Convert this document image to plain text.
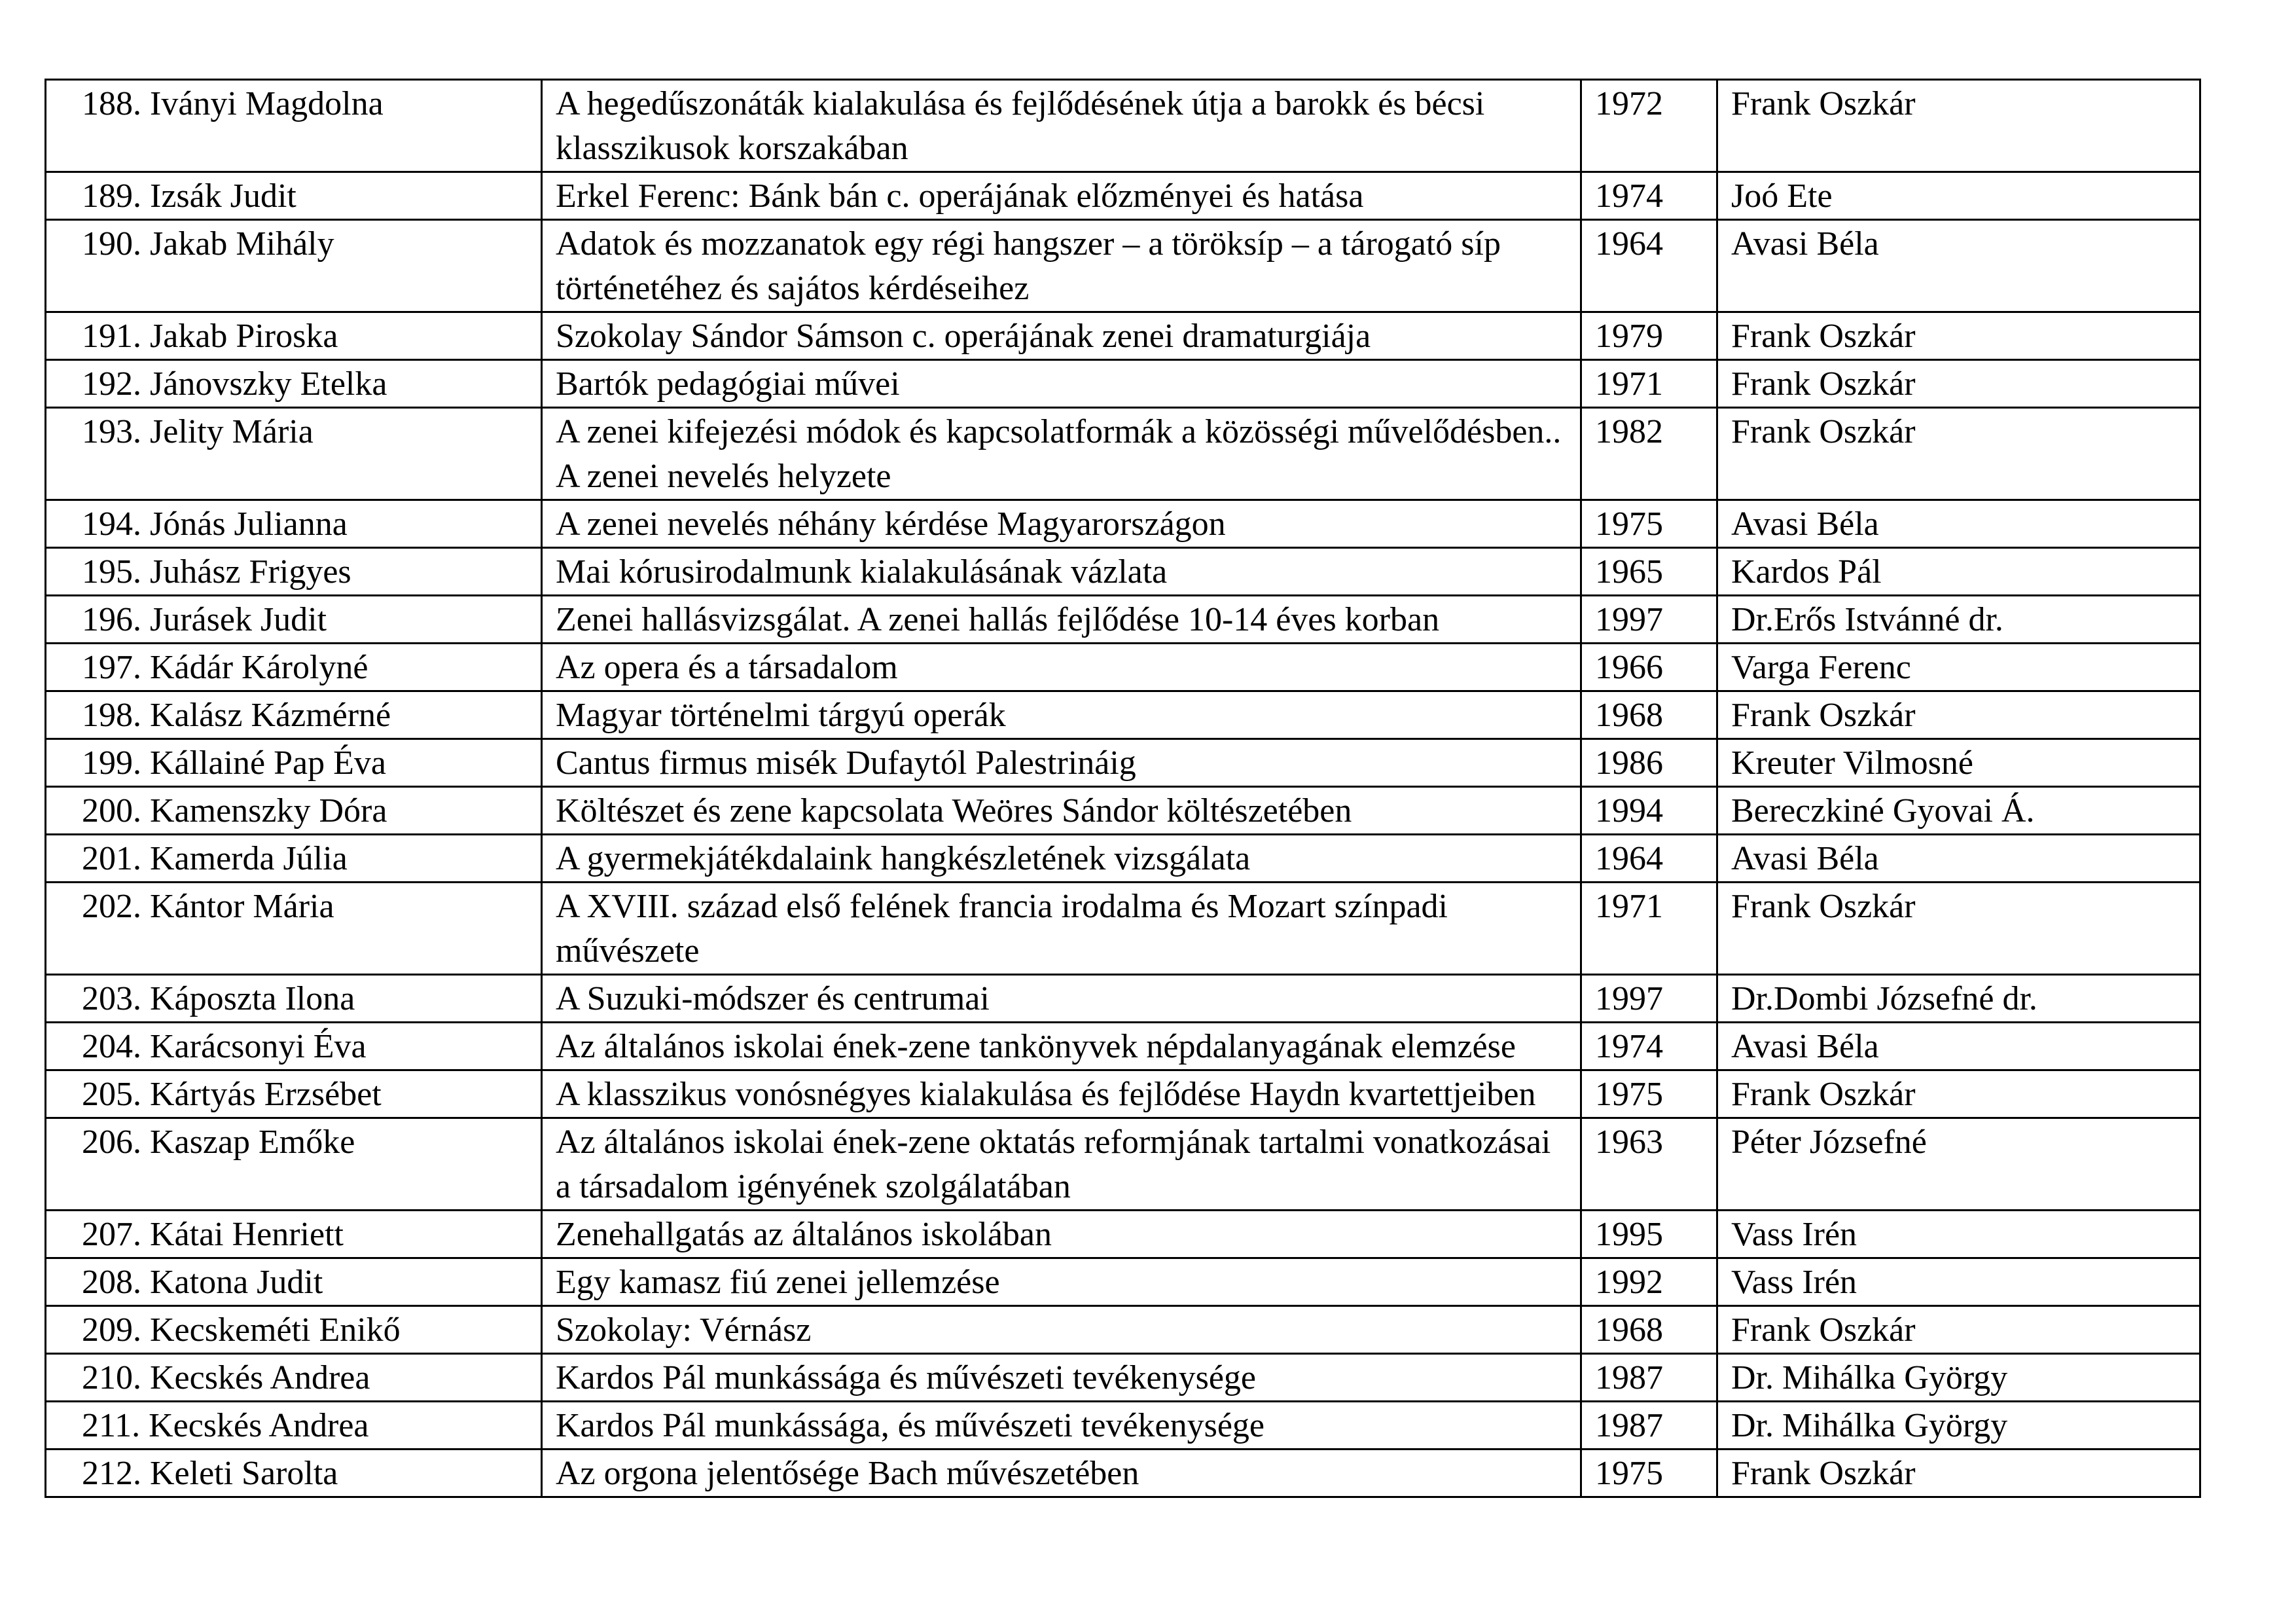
188. Iványi Magdolna	A hegedűszonáták kialakulása és fejlődésének útja a barokk és bécsi klasszikusok korszakában	1972	Frank Oszkár
189. Izsák Judit	Erkel Ferenc: Bánk bán c. operájának előzményei és hatása	1974	Joó Ete
190. Jakab Mihály	Adatok és mozzanatok egy régi hangszer – a töröksíp – a tárogató síp történetéhez és sajátos kérdéseihez	1964	Avasi Béla
191. Jakab Piroska	Szokolay Sándor Sámson c. operájának zenei dramaturgiája	1979	Frank Oszkár
192. Jánovszky Etelka	Bartók pedagógiai művei	1971	Frank Oszkár
193. Jelity Mária	A zenei kifejezési módok és kapcsolatformák a közösségi művelődésben.. A zenei nevelés helyzete	1982	Frank Oszkár
194. Jónás Julianna	A zenei nevelés néhány kérdése Magyarországon	1975	Avasi Béla
195. Juhász Frigyes	Mai kórusirodalmunk kialakulásának vázlata	1965	Kardos Pál
196. Jurásek Judit	Zenei hallásvizsgálat. A zenei hallás fejlődése 10-14 éves korban	1997	Dr.Erős Istvánné dr.
197. Kádár Károlyné	Az opera és a társadalom	1966	Varga Ferenc
198. Kalász Kázmérné	Magyar történelmi tárgyú operák	1968	Frank Oszkár
199. Kállainé Pap Éva	Cantus firmus misék Dufaytól Palestrináig	1986	Kreuter Vilmosné
200. Kamenszky Dóra	Költészet és zene kapcsolata Weöres Sándor költészetében	1994	Bereczkiné Gyovai Á.
201. Kamerda Júlia	A gyermekjátékdalaink hangkészletének vizsgálata	1964	Avasi Béla
202. Kántor Mária	A XVIII. század első felének francia irodalma és Mozart színpadi művészete	1971	Frank Oszkár
203. Káposzta Ilona	A Suzuki-módszer és centrumai	1997	Dr.Dombi Józsefné dr.
204. Karácsonyi Éva	Az általános iskolai ének-zene tankönyvek népdalanyagának elemzése	1974	Avasi Béla
205. Kártyás Erzsébet	A klasszikus vonósnégyes kialakulása és fejlődése Haydn kvartettjeiben	1975	Frank Oszkár
206. Kaszap Emőke	Az általános iskolai ének-zene oktatás reformjának tartalmi vonatkozásai a társadalom igényének szolgálatában	1963	Péter Józsefné
207. Kátai Henriett	Zenehallgatás az általános iskolában	1995	Vass Irén
208. Katona Judit	Egy kamasz fiú zenei jellemzése	1992	Vass Irén
209. Kecskeméti Enikő	Szokolay: Vérnász	1968	Frank Oszkár
210. Kecskés Andrea	Kardos Pál munkássága és művészeti tevékenysége	1987	Dr. Mihálka György
211. Kecskés Andrea	Kardos Pál munkássága, és művészeti tevékenysége	1987	Dr. Mihálka György
212. Keleti Sarolta	Az orgona jelentősége Bach művészetében	1975	Frank Oszkár
